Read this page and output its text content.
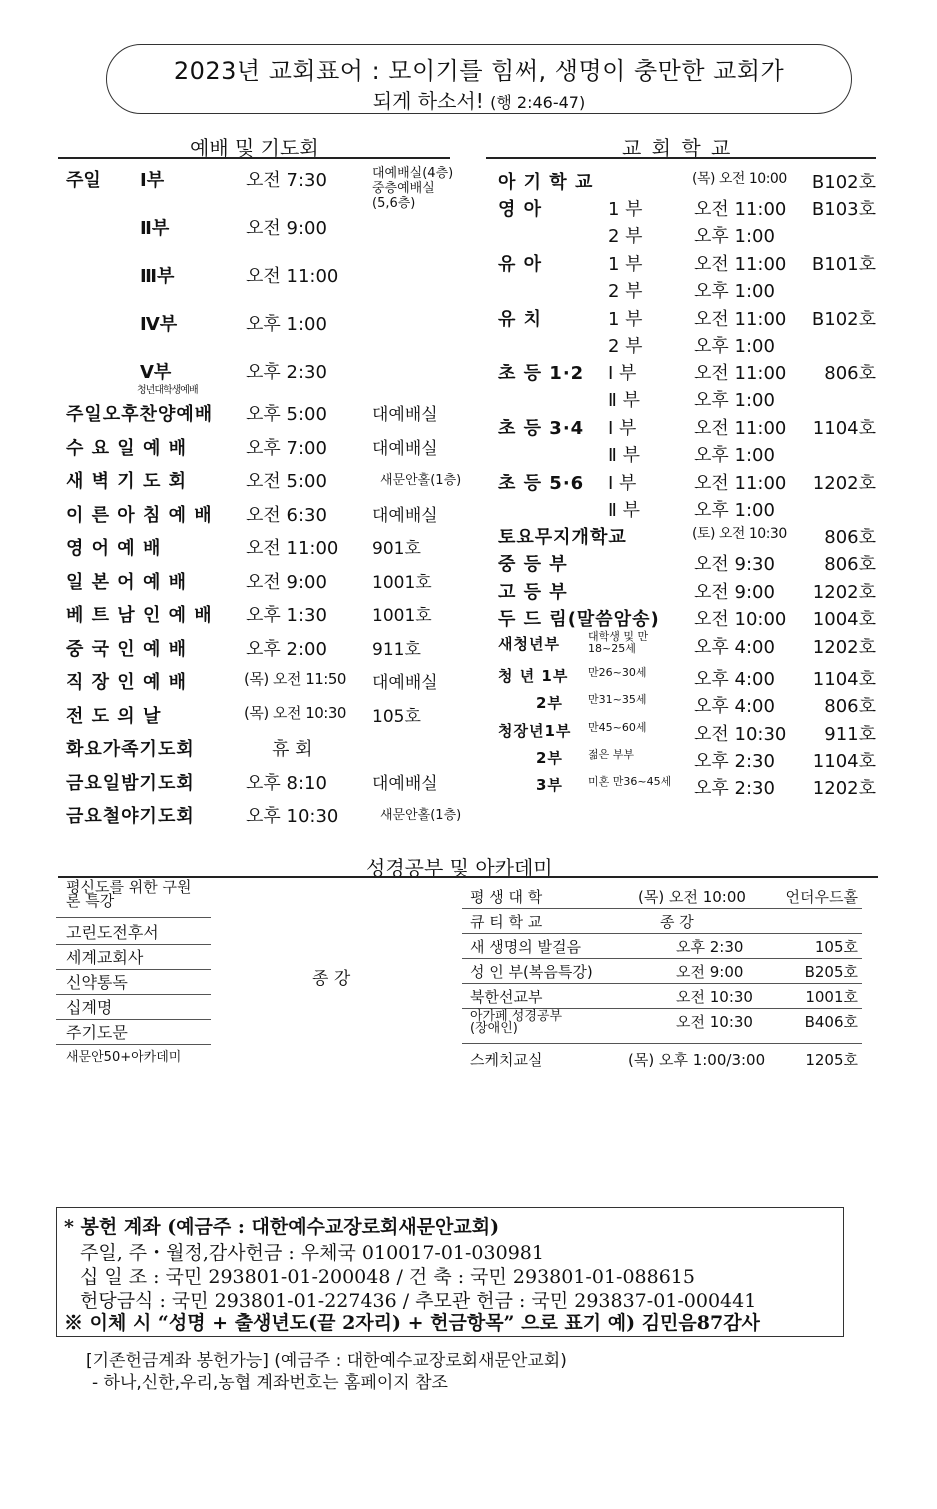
2023년 교회표어 : 모이기를 힘써, 생명이 충만한 교회가
되게 하소서! (행 2:46-47)
예배 및 기도회
주일 Ⅰ부	오전 7:30	대예배실(4층)
중층예배실
(5,6층)
Ⅱ부	오전 9:00
Ⅲ부	오전 11:00
Ⅳ부	오후 1:00
Ⅴ부	오후 2:30
청년대학생예배
주일오후찬양예배 오후 5:00	대예배실
수 요 일 예 배	오후 7:00	대예배실
새 벽 기 도 회	오전 5:00	새문안홀(1층)
이 른 아 침 예 배 오전 6:30	대예배실
영 어 예 배	오전 11:00 901호
일 본 어 예 배	오전 9:00	1001호
베 트 남 인 예 배 오후 1:30	1001호
중 국 인 예 배	오후 2:00	911호
직 장 인 예 배	(목) 오전 11:50 대예배실
전 도 의 날	(목) 오전 10:30 105호
화요가족기도회	휴 회
금요일밤기도회	오후 8:10	대예배실
금요철야기도회	오후 10:30	새문안홀(1층)
교 회 학 교
아 기 학 교	(목) 오전 10:00 B102호
영 아	1 부	오전 11:00 B103호
2 부	오후 1:00
유 아	1 부	오전 11:00 B101호
2 부	오후 1:00
유 치	1 부	오전 11:00 B102호
2 부	오후 1:00
초 등 1·2 Ⅰ 부	오전 11:00 806호
Ⅱ 부	오후 1:00
초 등 3·4 Ⅰ 부	오전 11:00 1104호
Ⅱ 부	오후 1:00
초 등 5·6 Ⅰ 부	오전 11:00 1202호
Ⅱ 부	오후 1:00
토요무지개학교	(토) 오전 10:30 806호
중 등 부	오전 9:30	806호
고 등 부	오전 9:00 1202호
두 드 림(말씀암송) 오전 10:00 1004호
새청년부	대학생 및 만 18~25세	오후 4:00 1202호
청 년 1부 만26~30세	오후 4:00 1104호
2부 만31~35세	오후 4:00	806호
청장년1부 만45~60세	오전 10:30 911호
2부 젊은 부부	오후 2:30 1104호
3부 미혼 만36~45세	오후 2:30 1202호
성경공부 및 아카데미
평신도를 위한 구원론 특강
고린도전후서
세계교회사
신약통독
십계명
주기도문
새문안50+아카데미
종 강
평 생 대 학	(목) 오전 10:00	언더우드홀
큐 티 학 교	종 강
새 생명의 발걸음	오후 2:30	105호
성 인 부(복음특강)	오전 9:00	B205호
북한선교부	오전 10:30	1001호
아가페 성경공부 (장애인)	오전 10:30	B406호
스케치교실	(목) 오후 1:00/3:00	1205호
* 봉헌 계좌 (예금주 : 대한예수교장로회새문안교회)
주일, 주・월정,감사헌금 : 우체국 010017-01-030981
십 일 조 : 국민 293801-01-200048 / 건 축 : 국민 293801-01-088615
헌당금식 : 국민 293801-01-227436 / 추모관 헌금 : 국민 293837-01-000441
※ 이체 시 “성명 + 출생년도(끝 2자리) + 헌금항목” 으로 표기 예) 김민음87감사
[기존헌금계좌 봉헌가능] (예금주 : 대한예수교장로회새문안교회)
- 하나,신한,우리,농협 계좌번호는 홈페이지 참조
